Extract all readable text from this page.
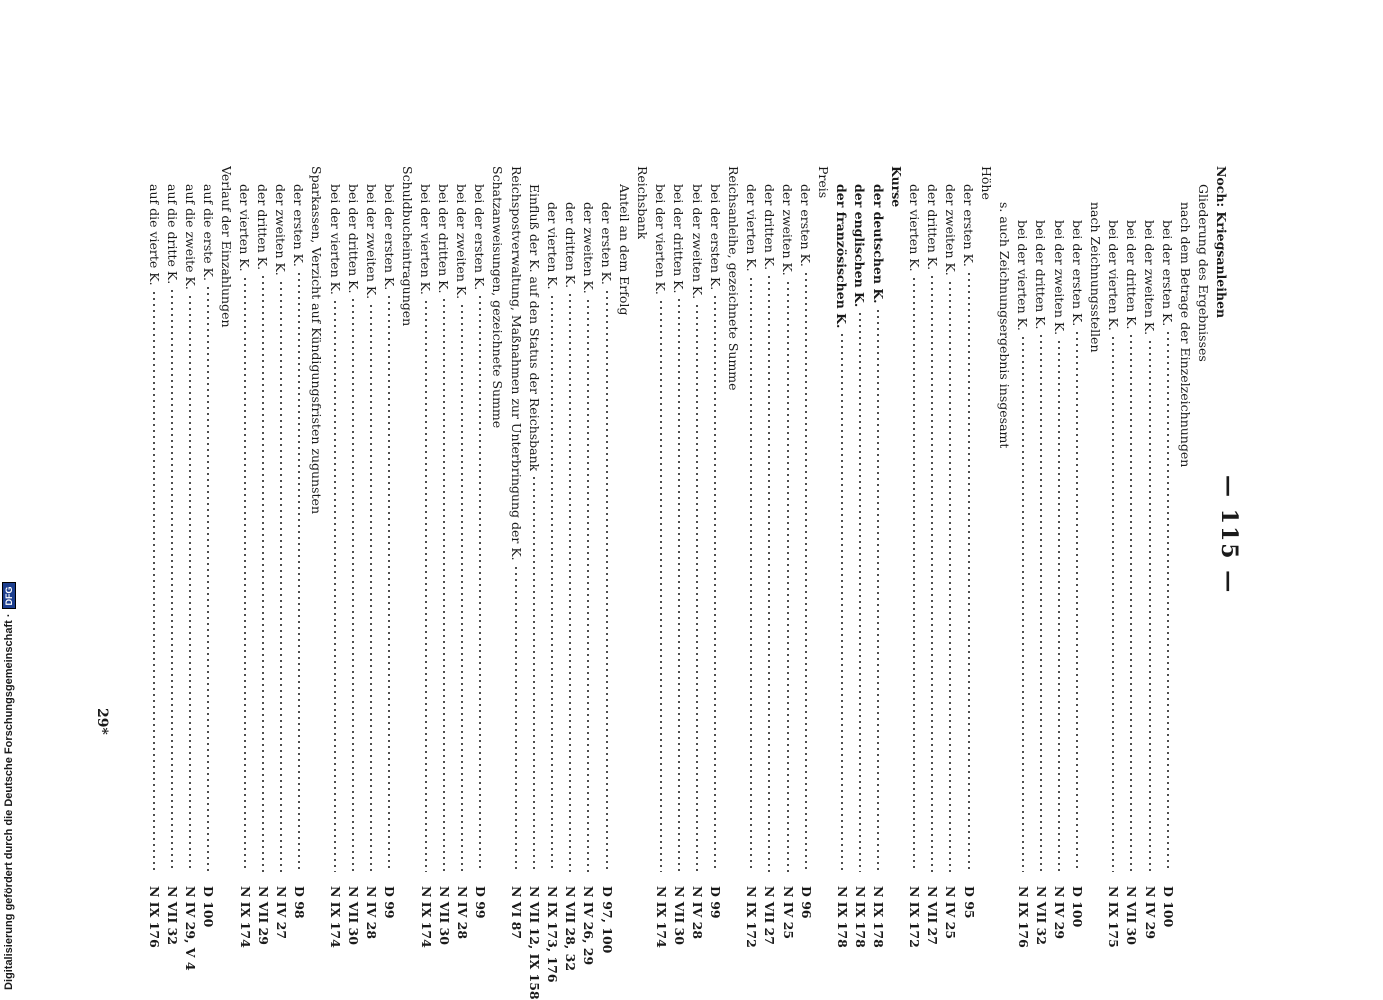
— 115 —
Noch: Kriegsanleihen
Gliederung des Ergebnisses
nach dem Betrage der Einzelzeichnungen
bei der ersten K.
D 100
bei der zweiten K.
N IV 29
bei der dritten K.
N VII 30
bei der vierten K.
N IX 175
nach Zeichnungsstellen
bei der ersten K.
D 100
bei der zweiten K.
N IV 29
bei der dritten K.
N VII 32
bei der vierten K.
N IX 176
s. auch Zeichnungsergebnis insgesamt
Höhe
der ersten K.
D 95
der zweiten K.
N IV 25
der dritten K.
N VII 27
der vierten K.
N IX 172
Kurse
der deutschen K.
N IX 178
der englischen K.
N IX 178
der französischen K.
N IX 178
Preis
der ersten K.
D 96
der zweiten K.
N IV 25
der dritten K.
N VII 27
der vierten K.
N IX 172
Reichsanleihe, gezeichnete Summe
bei der ersten K.
D 99
bei der zweiten K.
N IV 28
bei der dritten K.
N VII 30
bei der vierten K.
N IX 174
Reichsbank
Anteil an dem Erfolg
der ersten K.
D 97, 100
der zweiten K.
N IV 26, 29
der dritten K.
N VII 28, 32
der vierten K.
N IX 173, 176
Einfluß der K. auf den Status der Reichsbank
N VII 12, IX 158
Reichspostverwaltung, Maßnahmen zur Unterbringung der K.
N VI 87
Schatzanweisungen, gezeichnete Summe
bei der ersten K.
D 99
bei der zweiten K.
N IV 28
bei der dritten K.
N VII 30
bei der vierten K.
N IX 174
Schuldbucheintragungen
bei der ersten K.
D 99
bei der zweiten K.
N IV 28
bei der dritten K.
N VII 30
bei der vierten K.
N IX 174
Sparkassen, Verzicht auf Kündigungsfristen zugunsten
der ersten K.
D 98
der zweiten K.
N IV 27
der dritten K.
N VII 29
der vierten K.
N IX 174
Verlauf der Einzahlungen
auf die erste K.
D 100
auf die zweite K.
N IV 29, V 4
auf die dritte K.
N VII 32
auf die vierte K.
N IX 176
29*
Digitalisierung gefördert durch die Deutsche Forschungsgemeinschaft ·
DFG
